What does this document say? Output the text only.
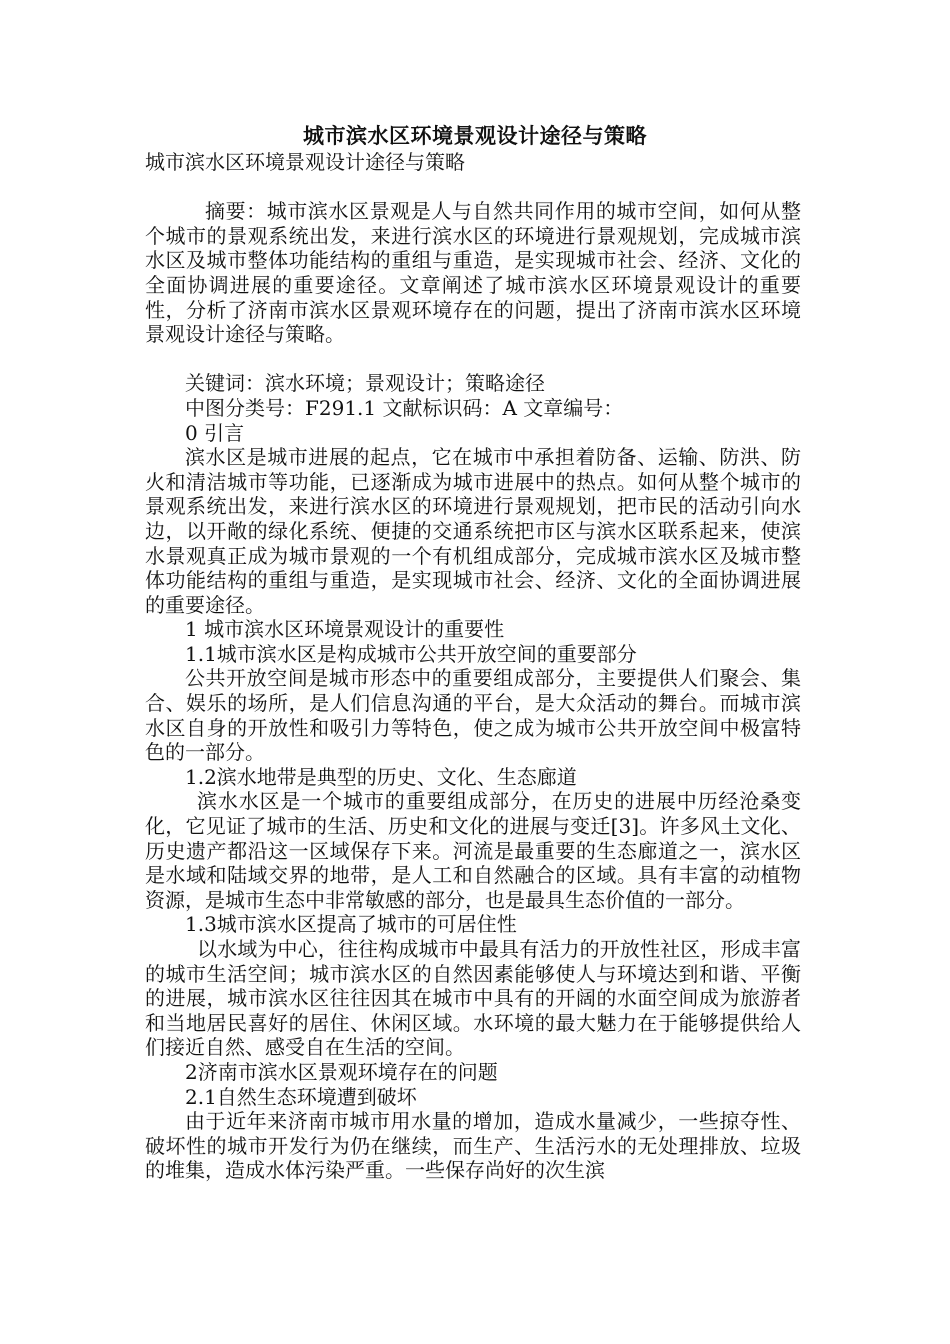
城市滨水区环境景观设计途径与策略

城市滨水区环境景观设计途径与策略

摘要：城市滨水区景观是人与自然共同作用的城市空间，如何从整个城市的景观系统出发，来进行滨水区的环境进行景观规划，完成城市滨水区及城市整体功能结构的重组与重造，是实现城市社会、经济、文化的全面协调进展的重要途径。文章阐述了城市滨水区环境景观设计的重要性，分析了济南市滨水区景观环境存在的问题，提出了济南市滨水区环境景观设计途径与策略。

关键词：滨水环境；景观设计；策略途径

中图分类号：F291.1 文献标识码：A 文章编号：

0 引言

滨水区是城市进展的起点，它在城市中承担着防备、运输、防洪、防火和清洁城市等功能，已逐渐成为城市进展中的热点。如何从整个城市的景观系统出发，来进行滨水区的环境进行景观规划，把市民的活动引向水边，以开敞的绿化系统、便捷的交通系统把市区与滨水区联系起来，使滨水景观真正成为城市景观的一个有机组成部分，完成城市滨水区及城市整体功能结构的重组与重造，是实现城市社会、经济、文化的全面协调进展的重要途径。

1 城市滨水区环境景观设计的重要性

1.1城市滨水区是构成城市公共开放空间的重要部分

公共开放空间是城市形态中的重要组成部分，主要提供人们聚会、集合、娱乐的场所，是人们信息沟通的平台，是大众活动的舞台。而城市滨水区自身的开放性和吸引力等特色，使之成为城市公共开放空间中极富特色的一部分。

1.2滨水地带是典型的历史、文化、生态廊道

滨水水区是一个城市的重要组成部分，在历史的进展中历经沧桑变化，它见证了城市的生活、历史和文化的进展与变迁[3]。许多风土文化、历史遗产都沿这一区域保存下来。河流是最重要的生态廊道之一，滨水区是水域和陆域交界的地带，是人工和自然融合的区域。具有丰富的动植物资源，是城市生态中非常敏感的部分，也是最具生态价值的一部分。

1.3城市滨水区提高了城市的可居住性

以水域为中心，往往构成城市中最具有活力的开放性社区，形成丰富的城市生活空间；城市滨水区的自然因素能够使人与环境达到和谐、平衡的进展，城市滨水区往往因其在城市中具有的开阔的水面空间成为旅游者和当地居民喜好的居住、休闲区域。水环境的最大魅力在于能够提供给人们接近自然、感受自在生活的空间。

2济南市滨水区景观环境存在的问题

2.1自然生态环境遭到破坏

由于近年来济南市城市用水量的增加，造成水量减少，一些掠夺性、破坏性的城市开发行为仍在继续，而生产、生活污水的无处理排放、垃圾的堆集，造成水体污染严重。一些保存尚好的次生滨
